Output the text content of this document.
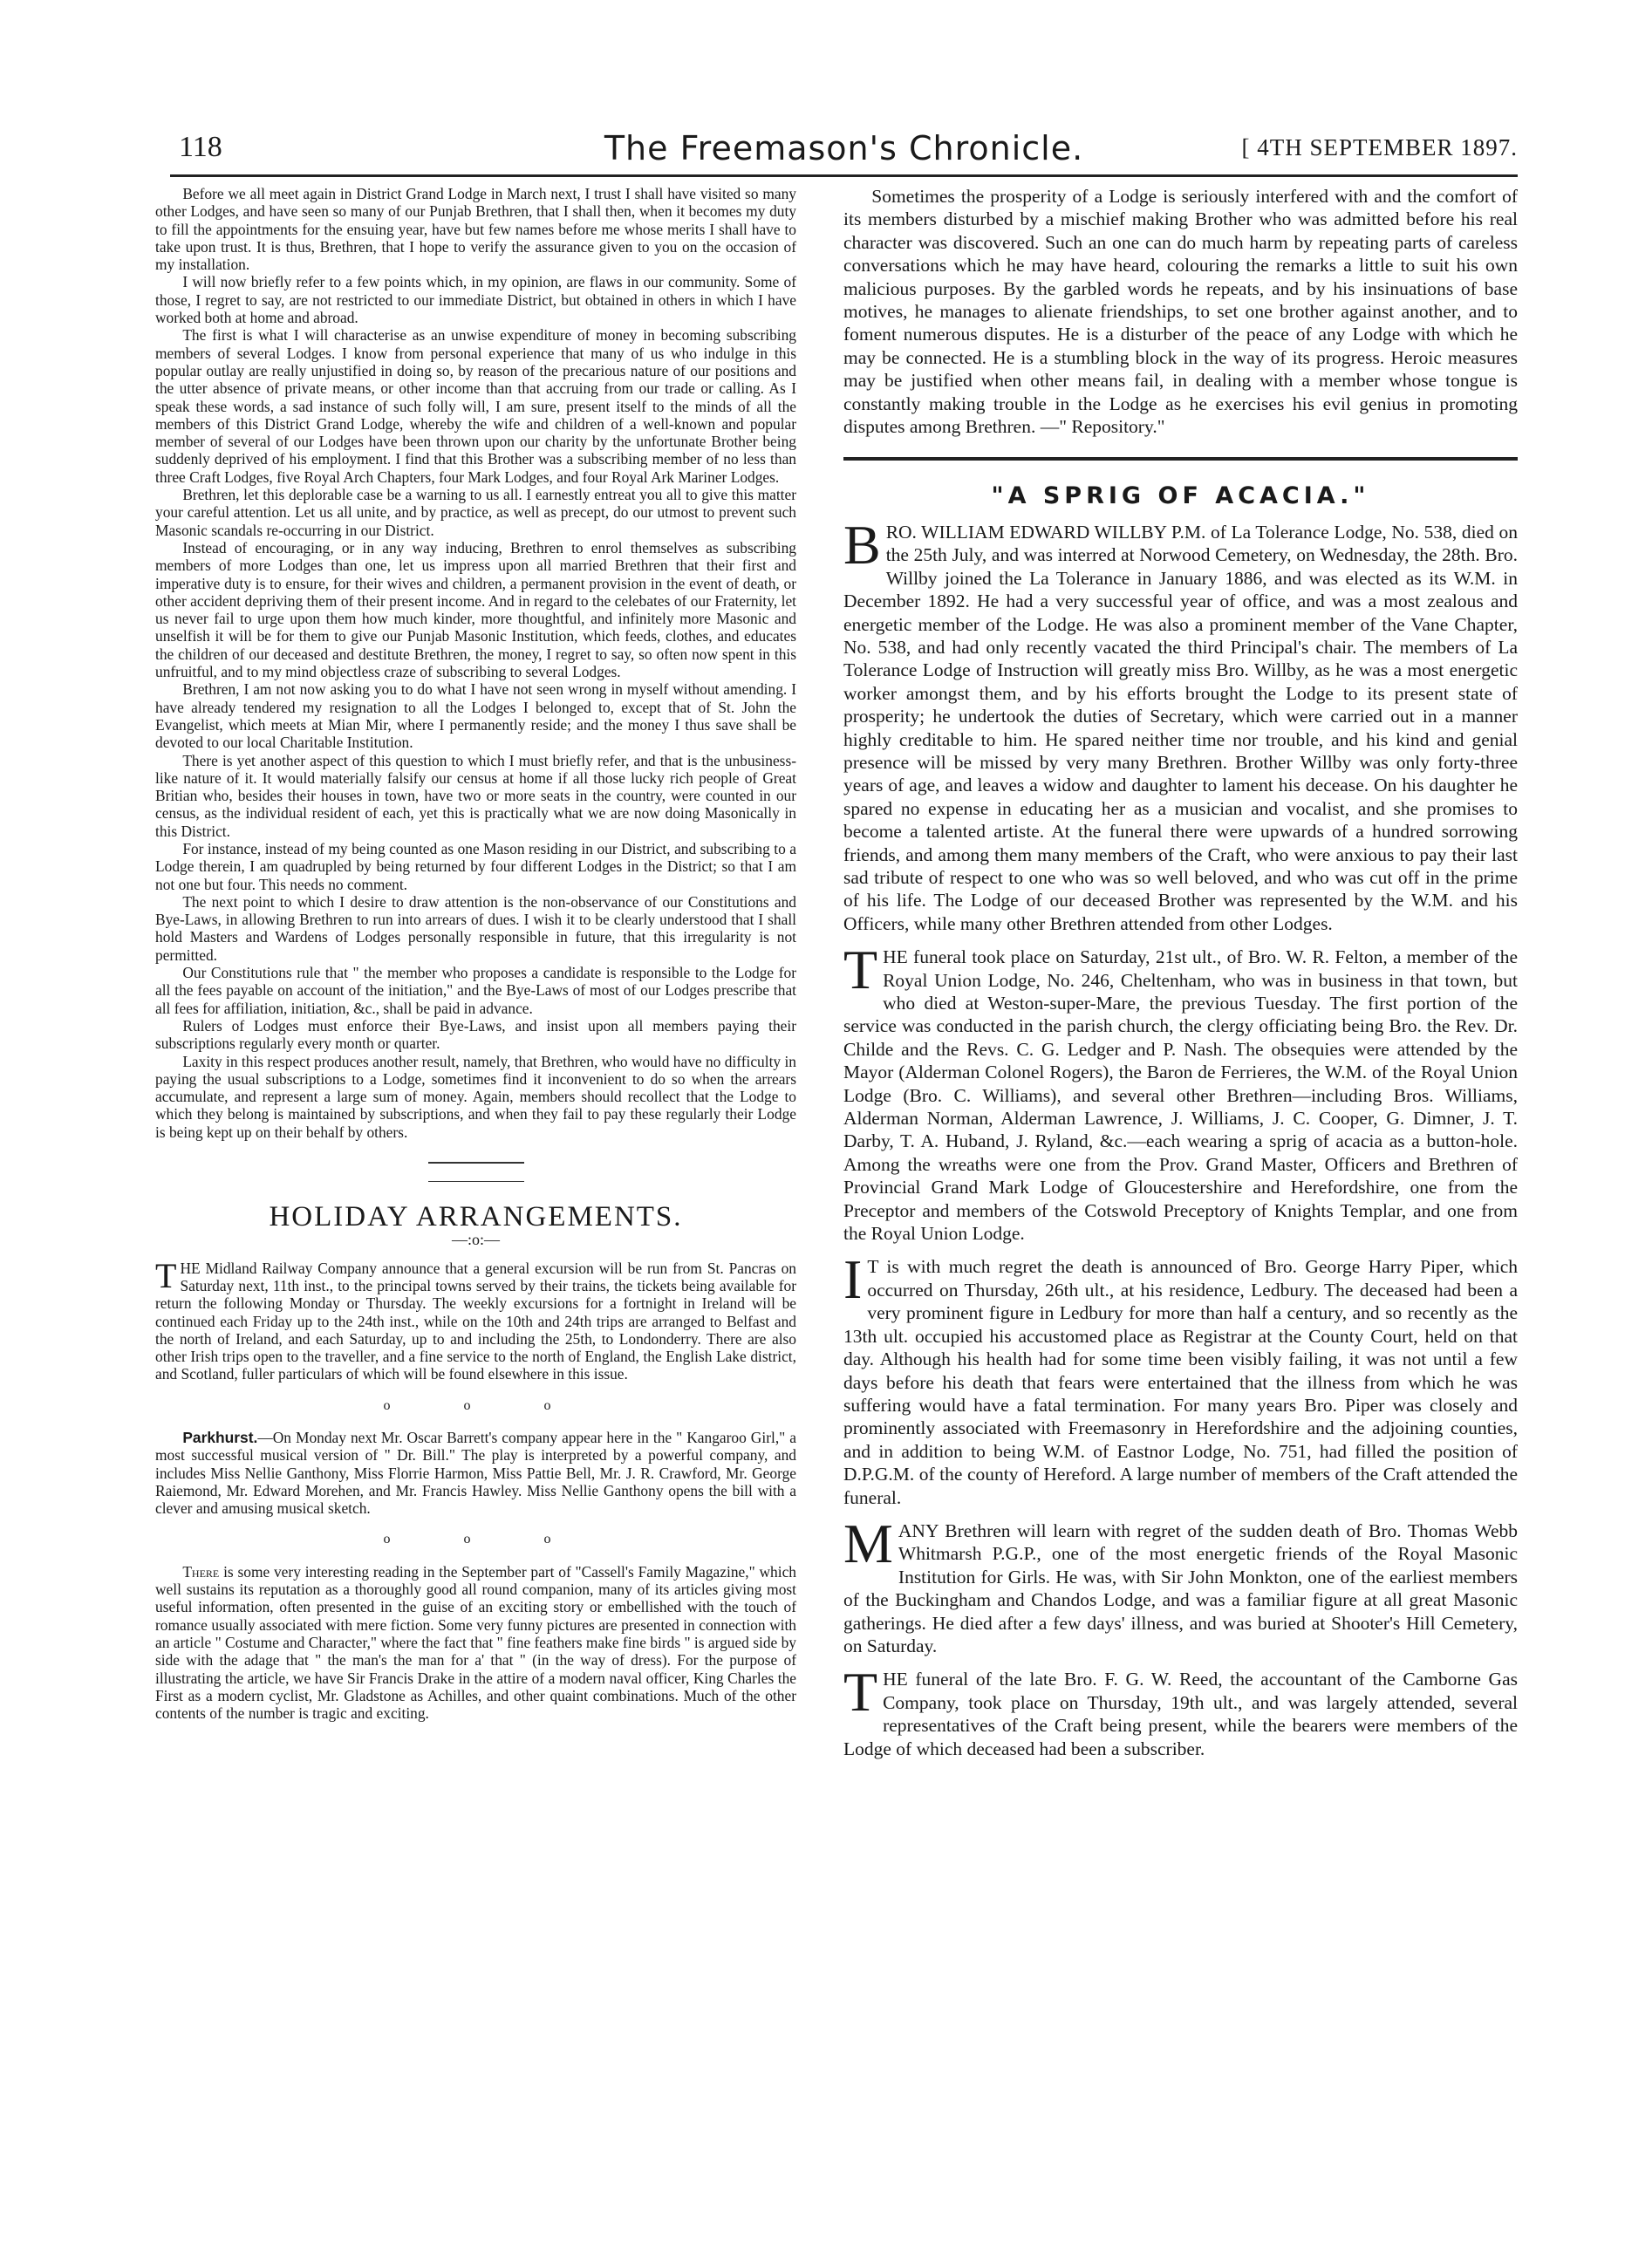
118	The Freemason's Chronicle.	[ 4TH SEPTEMBER 1897.

Before we all meet again in District Grand Lodge in March next, I trust I shall have visited so many other Lodges, and have seen so many of our Punjab Brethren, that I shall then, when it becomes my duty to fill the appointments for the ensuing year, have but few names before me whose merits I shall have to take upon trust. It is thus, Brethren, that I hope to verify the assurance given to you on the occasion of my installation.

I will now briefly refer to a few points which, in my opinion, are flaws in our community. Some of those, I regret to say, are not restricted to our immediate District, but obtained in others in which I have worked both at home and abroad.

The first is what I will characterise as an unwise expenditure of money in becoming subscribing members of several Lodges. I know from personal experience that many of us who indulge in this popular outlay are really unjustified in doing so, by reason of the precarious nature of our positions and the utter absence of private means, or other income than that accruing from our trade or calling. As I speak these words, a sad instance of such folly will, I am sure, present itself to the minds of all the members of this District Grand Lodge, whereby the wife and children of a well-known and popular member of several of our Lodges have been thrown upon our charity by the unfortunate Brother being suddenly deprived of his employment. I find that this Brother was a subscribing member of no less than three Craft Lodges, five Royal Arch Chapters, four Mark Lodges, and four Royal Ark Mariner Lodges.

Brethren, let this deplorable case be a warning to us all. I earnestly entreat you all to give this matter your careful attention. Let us all unite, and by practice, as well as precept, do our utmost to prevent such Masonic scandals re-occurring in our District.

Instead of encouraging, or in any way inducing, Brethren to enrol themselves as subscribing members of more Lodges than one, let us impress upon all married Brethren that their first and imperative duty is to ensure, for their wives and children, a permanent provision in the event of death, or other accident depriving them of their present income. And in regard to the celebates of our Fraternity, let us never fail to urge upon them how much kinder, more thoughtful, and infinitely more Masonic and unselfish it will be for them to give our Punjab Masonic Institution, which feeds, clothes, and educates the children of our deceased and destitute Brethren, the money, I regret to say, so often now spent in this unfruitful, and to my mind objectless craze of subscribing to several Lodges.

Brethren, I am not now asking you to do what I have not seen wrong in myself without amending. I have already tendered my resignation to all the Lodges I belonged to, except that of St. John the Evangelist, which meets at Mian Mir, where I permanently reside; and the money I thus save shall be devoted to our local Charitable Institution.

There is yet another aspect of this question to which I must briefly refer, and that is the unbusiness-like nature of it. It would materially falsify our census at home if all those lucky rich people of Great Britian who, besides their houses in town, have two or more seats in the country, were counted in our census, as the individual resident of each, yet this is practically what we are now doing Masonically in this District.

For instance, instead of my being counted as one Mason residing in our District, and subscribing to a Lodge therein, I am quadrupled by being returned by four different Lodges in the District; so that I am not one but four. This needs no comment.

The next point to which I desire to draw attention is the non-observance of our Constitutions and Bye-Laws, in allowing Brethren to run into arrears of dues. I wish it to be clearly understood that I shall hold Masters and Wardens of Lodges personally responsible in future, that this irregularity is not permitted.

Our Constitutions rule that " the member who proposes a candidate is responsible to the Lodge for all the fees payable on account of the initiation," and the Bye-Laws of most of our Lodges prescribe that all fees for affiliation, initiation, &c., shall be paid in advance.

Rulers of Lodges must enforce their Bye-Laws, and insist upon all members paying their subscriptions regularly every month or quarter.

Laxity in this respect produces another result, namely, that Brethren, who would have no difficulty in paying the usual subscriptions to a Lodge, sometimes find it inconvenient to do so when the arrears accumulate, and represent a large sum of money. Again, members should recollect that the Lodge to which they belong is maintained by subscriptions, and when they fail to pay these regularly their Lodge is being kept up on their behalf by others.

HOLIDAY ARRANGEMENTS.
—:o:—

THE Midland Railway Company announce that a general excursion will be run from St. Pancras on Saturday next, 11th inst., to the principal towns served by their trains, the tickets being available for return the following Monday or Thursday. The weekly excursions for a fortnight in Ireland will be continued each Friday up to the 24th inst., while on the 10th and 24th trips are arranged to Belfast and the north of Ireland, and each Saturday, up to and including the 25th, to Londonderry. There are also other Irish trips open to the traveller, and a fine service to the north of England, the English Lake district, and Scotland, fuller particulars of which will be found elsewhere in this issue.

o o o

Parkhurst.—On Monday next Mr. Oscar Barrett's company appear here in the " Kangaroo Girl," a most successful musical version of " Dr. Bill." The play is interpreted by a powerful company, and includes Miss Nellie Ganthony, Miss Florrie Harmon, Miss Pattie Bell, Mr. J. R. Crawford, Mr. George Raiemond, Mr. Edward Morehen, and Mr. Francis Hawley. Miss Nellie Ganthony opens the bill with a clever and amusing musical sketch.

o o o

There is some very interesting reading in the September part of "Cassell's Family Magazine," which well sustains its reputation as a thoroughly good all round companion, many of its articles giving most useful information, often presented in the guise of an exciting story or embellished with the touch of romance usually associated with mere fiction. Some very funny pictures are presented in connection with an article " Costume and Character," where the fact that " fine feathers make fine birds " is argued side by side with the adage that " the man's the man for a' that " (in the way of dress). For the purpose of illustrating the article, we have Sir Francis Drake in the attire of a modern naval officer, King Charles the First as a modern cyclist, Mr. Gladstone as Achilles, and other quaint combinations. Much of the other contents of the number is tragic and exciting.

Sometimes the prosperity of a Lodge is seriously interfered with and the comfort of its members disturbed by a mischief making Brother who was admitted before his real character was discovered. Such an one can do much harm by repeating parts of careless conversations which he may have heard, colouring the remarks a little to suit his own malicious purposes. By the garbled words he repeats, and by his insinuations of base motives, he manages to alienate friendships, to set one brother against another, and to foment numerous disputes. He is a disturber of the peace of any Lodge with which he may be connected. He is a stumbling block in the way of its progress. Heroic measures may be justified when other means fail, in dealing with a member whose tongue is constantly making trouble in the Lodge as he exercises his evil genius in promoting disputes among Brethren. —" Repository."

"A SPRIG OF ACACIA."

BRO. WILLIAM EDWARD WILLBY P.M. of La Tolerance Lodge, No. 538, died on the 25th July, and was interred at Norwood Cemetery, on Wednesday, the 28th. Bro. Willby joined the La Tolerance in January 1886, and was elected as its W.M. in December 1892. He had a very successful year of office, and was a most zealous and energetic member of the Lodge. He was also a prominent member of the Vane Chapter, No. 538, and had only recently vacated the third Principal's chair. The members of La Tolerance Lodge of Instruction will greatly miss Bro. Willby, as he was a most energetic worker amongst them, and by his efforts brought the Lodge to its present state of prosperity; he undertook the duties of Secretary, which were carried out in a manner highly creditable to him. He spared neither time nor trouble, and his kind and genial presence will be missed by very many Brethren. Brother Willby was only forty-three years of age, and leaves a widow and daughter to lament his decease. On his daughter he spared no expense in educating her as a musician and vocalist, and she promises to become a talented artiste. At the funeral there were upwards of a hundred sorrowing friends, and among them many members of the Craft, who were anxious to pay their last sad tribute of respect to one who was so well beloved, and who was cut off in the prime of his life. The Lodge of our deceased Brother was represented by the W.M. and his Officers, while many other Brethren attended from other Lodges.

THE funeral took place on Saturday, 21st ult., of Bro. W. R. Felton, a member of the Royal Union Lodge, No. 246, Cheltenham, who was in business in that town, but who died at Weston-super-Mare, the previous Tuesday. The first portion of the service was conducted in the parish church, the clergy officiating being Bro. the Rev. Dr. Childe and the Revs. C. G. Ledger and P. Nash. The obsequies were attended by the Mayor (Alderman Colonel Rogers), the Baron de Ferrieres, the W.M. of the Royal Union Lodge (Bro. C. Williams), and several other Brethren—including Bros. Williams, Alderman Norman, Alderman Lawrence, J. Williams, J. C. Cooper, G. Dimner, J. T. Darby, T. A. Huband, J. Ryland, &c.—each wearing a sprig of acacia as a button-hole. Among the wreaths were one from the Prov. Grand Master, Officers and Brethren of Provincial Grand Mark Lodge of Gloucestershire and Herefordshire, one from the Preceptor and members of the Cotswold Preceptory of Knights Templar, and one from the Royal Union Lodge.

I T is with much regret the death is announced of Bro. George Harry Piper, which occurred on Thursday, 26th ult., at his residence, Ledbury. The deceased had been a very prominent figure in Ledbury for more than half a century, and so recently as the 13th ult. occupied his accustomed place as Registrar at the County Court, held on that day. Although his health had for some time been visibly failing, it was not until a few days before his death that fears were entertained that the illness from which he was suffering would have a fatal termination. For many years Bro. Piper was closely and prominently associated with Freemasonry in Herefordshire and the adjoining counties, and in addition to being W.M. of Eastnor Lodge, No. 751, had filled the position of D.P.G.M. of the county of Hereford. A large number of members of the Craft attended the funeral.

MANY Brethren will learn with regret of the sudden death of Bro. Thomas Webb Whitmarsh P.G.P., one of the most energetic friends of the Royal Masonic Institution for Girls. He was, with Sir John Monkton, one of the earliest members of the Buckingham and Chandos Lodge, and was a familiar figure at all great Masonic gatherings. He died after a few days' illness, and was buried at Shooter's Hill Cemetery, on Saturday.

THE funeral of the late Bro. F. G. W. Reed, the accountant of the Camborne Gas Company, took place on Thursday, 19th ult., and was largely attended, several representatives of the Craft being present, while the bearers were members of the Lodge of which deceased had been a subscriber.
